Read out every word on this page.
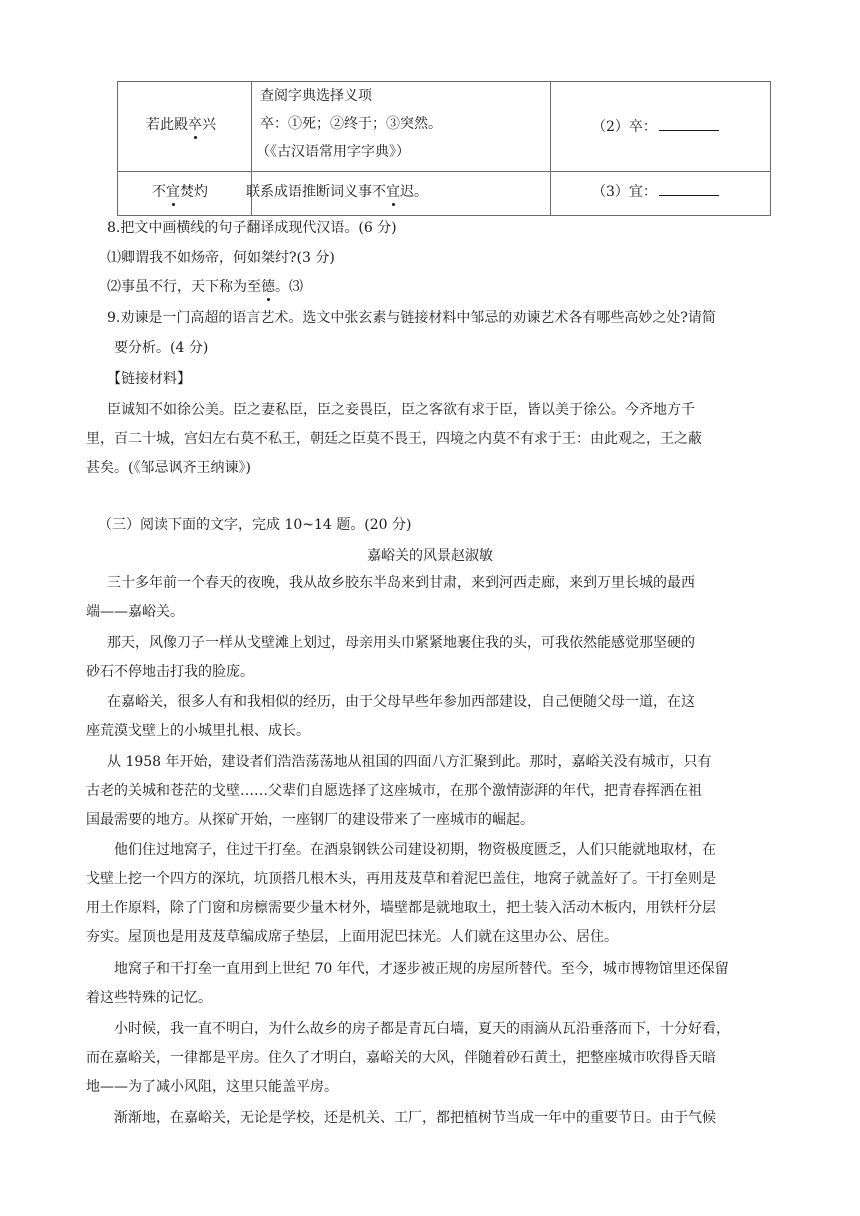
若此殿卒兴
查阅字典选择义项
卒：①死；②终于；③突然。
（《古汉语常用字字典》）
（2）卒：
不宜焚灼	联系成语推断词义事不宜迟。	（3）宜：
8.把文中画横线的句子翻译成现代汉语。(6 分)
⑴卿谓我不如炀帝，何如桀纣?(3 分)
⑵事虽不行，天下称为至德。⑶
9.劝谏是一门高超的语言艺术。选文中张玄素与链接材料中邹忌的劝谏艺术各有哪些高妙之处?请简
要分析。(4 分)
【链接材料】
臣诚知不如徐公美。臣之妻私臣，臣之妾畏臣，臣之客欲有求于臣，皆以美于徐公。今齐地方千
里，百二十城，宫妇左右莫不私王，朝廷之臣莫不畏王，四境之内莫不有求于王：由此观之，王之蔽
甚矣。(《邹忌讽齐王纳谏》)
（三）阅读下面的文字，完成 10~14 题。(20 分)
嘉峪关的风景赵淑敏
三十多年前一个春天的夜晚，我从故乡胶东半岛来到甘肃，来到河西走廊，来到万里长城的最西
端——嘉峪关。
那天，风像刀子一样从戈壁滩上划过，母亲用头巾紧紧地裹住我的头，可我依然能感觉那坚硬的
砂石不停地击打我的脸庞。
在嘉峪关，很多人有和我相似的经历，由于父母早些年参加西部建设，自己便随父母一道，在这
座荒漠戈壁上的小城里扎根、成长。
从 1958 年开始，建设者们浩浩荡荡地从祖国的四面八方汇聚到此。那时，嘉峪关没有城市，只有
古老的关城和苍茫的戈壁……父辈们自愿选择了这座城市，在那个激情澎湃的年代，把青春挥洒在祖
国最需要的地方。从探矿开始，一座钢厂的建设带来了一座城市的崛起。
他们住过地窝子，住过干打垒。在酒泉钢铁公司建设初期，物资极度匮乏，人们只能就地取材，在
戈壁上挖一个四方的深坑，坑顶搭几根木头，再用芨芨草和着泥巴盖住，地窝子就盖好了。干打垒则是
用土作原料，除了门窗和房檩需要少量木材外，墙壁都是就地取土，把土装入活动木板内，用铁杆分层
夯实。屋顶也是用芨芨草编成席子垫层，上面用泥巴抹光。人们就在这里办公、居住。
地窝子和干打垒一直用到上世纪 70 年代，才逐步被正规的房屋所替代。至今，城市博物馆里还保留
着这些特殊的记忆。
小时候，我一直不明白，为什么故乡的房子都是青瓦白墙，夏天的雨滴从瓦沿垂落而下，十分好看，
而在嘉峪关，一律都是平房。住久了才明白，嘉峪关的大风，伴随着砂石黄土，把整座城市吹得昏天暗
地——为了减小风阻，这里只能盖平房。
渐渐地，在嘉峪关，无论是学校，还是机关、工厂，都把植树节当成一年中的重要节日。由于气候
